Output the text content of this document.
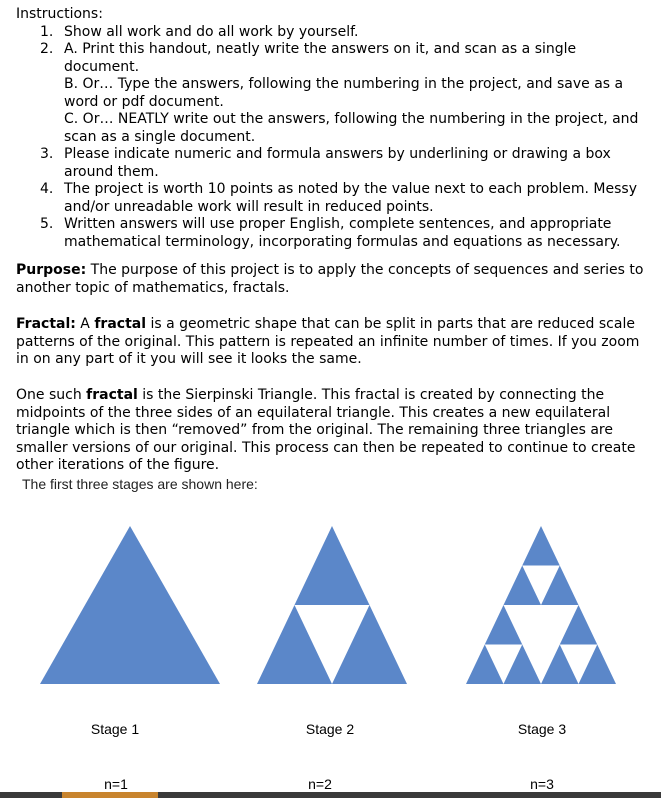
Instructions:

1. Show all work and do all work by yourself.
2. A. Print this handout, neatly write the answers on it, and scan as a single document.
B. Or… Type the answers, following the numbering in the project, and save as a word or pdf document.
C. Or… NEATLY write out the answers, following the numbering in the project, and scan as a single document.
3. Please indicate numeric and formula answers by underlining or drawing a box around them.
4. The project is worth 10 points as noted by the value next to each problem. Messy and/or unreadable work will result in reduced points.
5. Written answers will use proper English, complete sentences, and appropriate mathematical terminology, incorporating formulas and equations as necessary.

Purpose: The purpose of this project is to apply the concepts of sequences and series to another topic of mathematics, fractals.

Fractal: A fractal is a geometric shape that can be split in parts that are reduced scale patterns of the original. This pattern is repeated an infinite number of times. If you zoom in on any part of it you will see it looks the same.

One such fractal is the Sierpinski Triangle. This fractal is created by connecting the midpoints of the three sides of an equilateral triangle. This creates a new equilateral triangle which is then “removed” from the original. The remaining three triangles are smaller versions of our original. This process can then be repeated to continue to create other iterations of the figure.

The first three stages are shown here:

Stage 1	Stage 2	Stage 3
n=1	n=2	n=3
